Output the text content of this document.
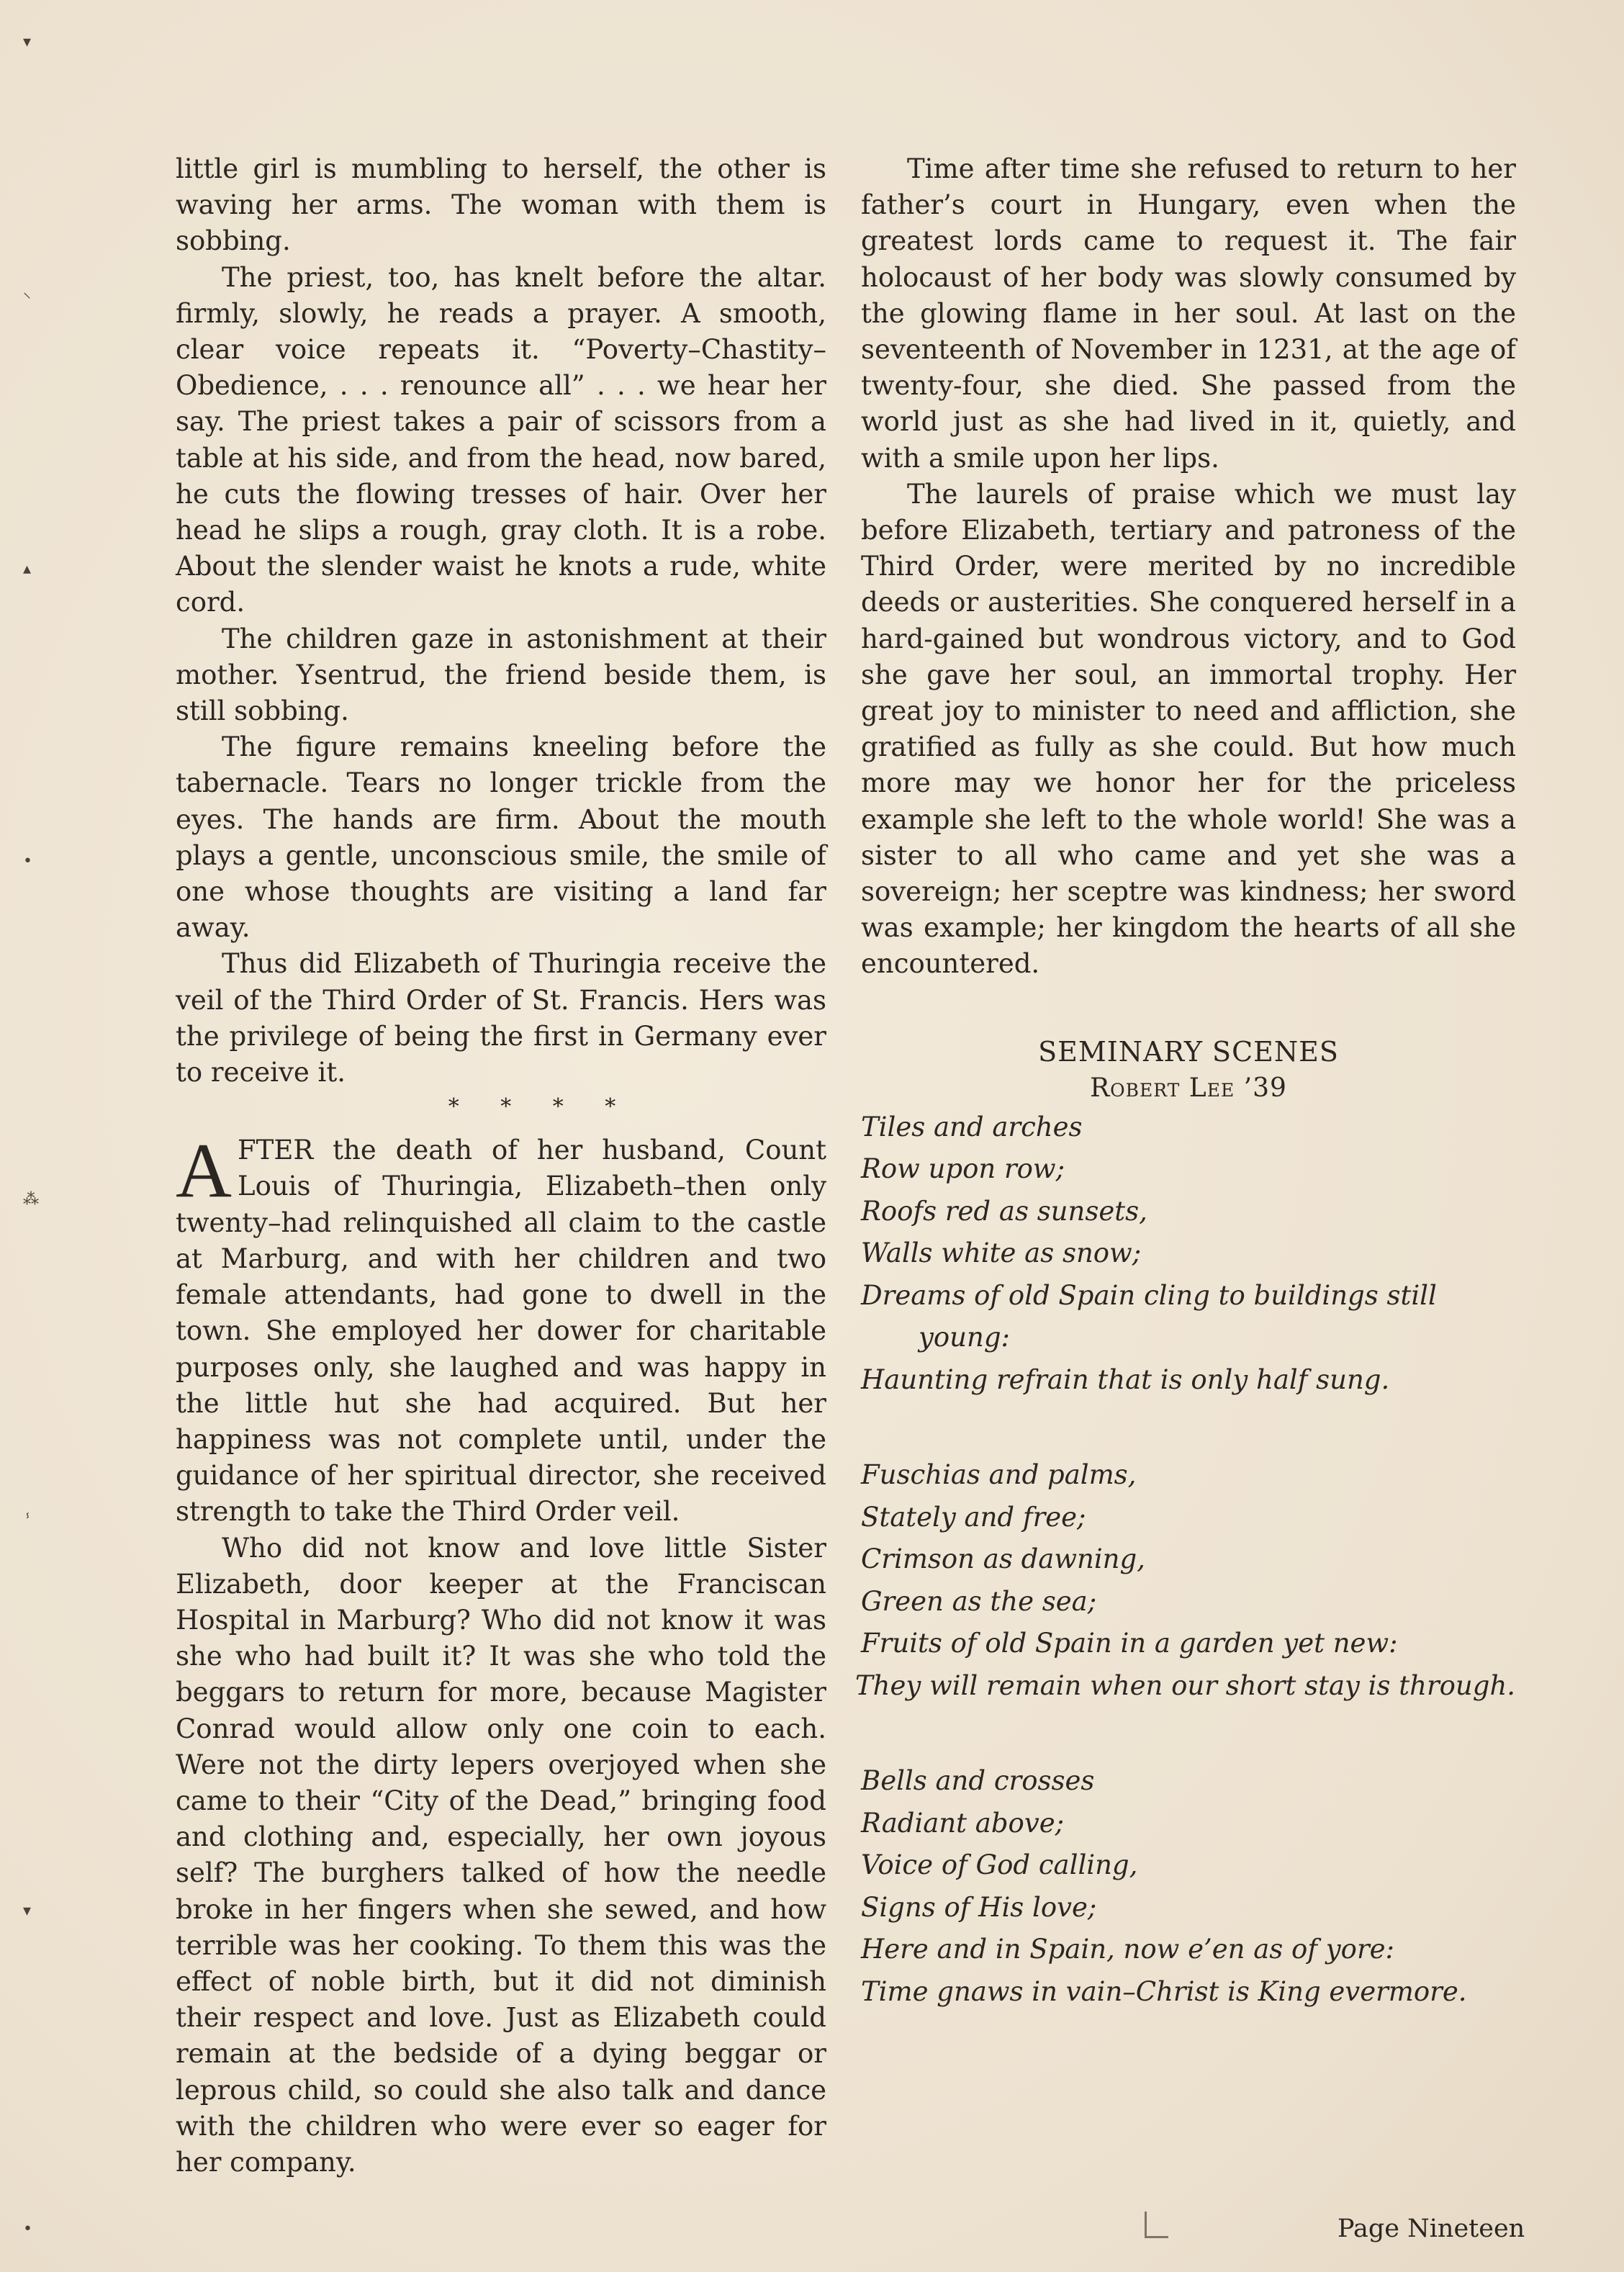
▾
⸜
▴
•
⁂
ⸯ
▾
•

little girl is mumbling to herself, the other is waving her arms. The woman with them is sobbing.

The priest, too, has knelt before the altar. firmly, slowly, he reads a prayer. A smooth, clear voice repeats it. “Poverty–Chastity–Obedience, . . . renounce all” . . . we hear her say. The priest takes a pair of scissors from a table at his side, and from the head, now bared, he cuts the flowing tresses of hair. Over her head he slips a rough, gray cloth. It is a robe. About the slender waist he knots a rude, white cord.

The children gaze in astonishment at their mother. Ysentrud, the friend beside them, is still sobbing.

The figure remains kneeling before the tabernacle. Tears no longer trickle from the eyes. The hands are firm. About the mouth plays a gentle, unconscious smile, the smile of one whose thoughts are visiting a land far away.

Thus did Elizabeth of Thuringia receive the veil of the Third Order of St. Francis. Hers was the privilege of being the first in Germany ever to receive it.

* * * *

AFTER the death of her husband, Count Louis of Thuringia, Elizabeth–then only twenty–had relinquished all claim to the castle at Marburg, and with her children and two female attendants, had gone to dwell in the town. She employed her dower for charitable purposes only, she laughed and was happy in the little hut she had acquired. But her happiness was not complete until, under the guidance of her spiritual director, she received strength to take the Third Order veil.

Who did not know and love little Sister Elizabeth, door keeper at the Franciscan Hospital in Marburg? Who did not know it was she who had built it? It was she who told the beggars to return for more, because Magister Conrad would allow only one coin to each. Were not the dirty lepers overjoyed when she came to their “City of the Dead,” bringing food and clothing and, especially, her own joyous self? The burghers talked of how the needle broke in her fingers when she sewed, and how terrible was her cooking. To them this was the effect of noble birth, but it did not diminish their respect and love. Just as Elizabeth could remain at the bedside of a dying beggar or leprous child, so could she also talk and dance with the children who were ever so eager for her company.

Time after time she refused to return to her father’s court in Hungary, even when the greatest lords came to request it. The fair holocaust of her body was slowly consumed by the glowing flame in her soul. At last on the seventeenth of November in 1231, at the age of twenty-four, she died. She passed from the world just as she had lived in it, quietly, and with a smile upon her lips.

The laurels of praise which we must lay before Elizabeth, tertiary and patroness of the Third Order, were merited by no incredible deeds or austerities. She conquered herself in a hard-gained but wondrous victory, and to God she gave her soul, an immortal trophy. Her great joy to minister to need and affliction, she gratified as fully as she could. But how much more may we honor her for the priceless example she left to the whole world! She was a sister to all who came and yet she was a sovereign; her sceptre was kindness; her sword was example; her kingdom the hearts of all she encountered.

SEMINARY SCENES

Robert Lee ’39

Tiles and arches

Row upon row;

Roofs red as sunsets,

Walls white as snow;

Dreams of old Spain cling to buildings still

young:

Haunting refrain that is only half sung.

Fuschias and palms,

Stately and free;

Crimson as dawning,

Green as the sea;

Fruits of old Spain in a garden yet new:

They will remain when our short stay is through.

Bells and crosses

Radiant above;

Voice of God calling,

Signs of His love;

Here and in Spain, now e’en as of yore:

Time gnaws in vain–Christ is King evermore.

Page Nineteen
